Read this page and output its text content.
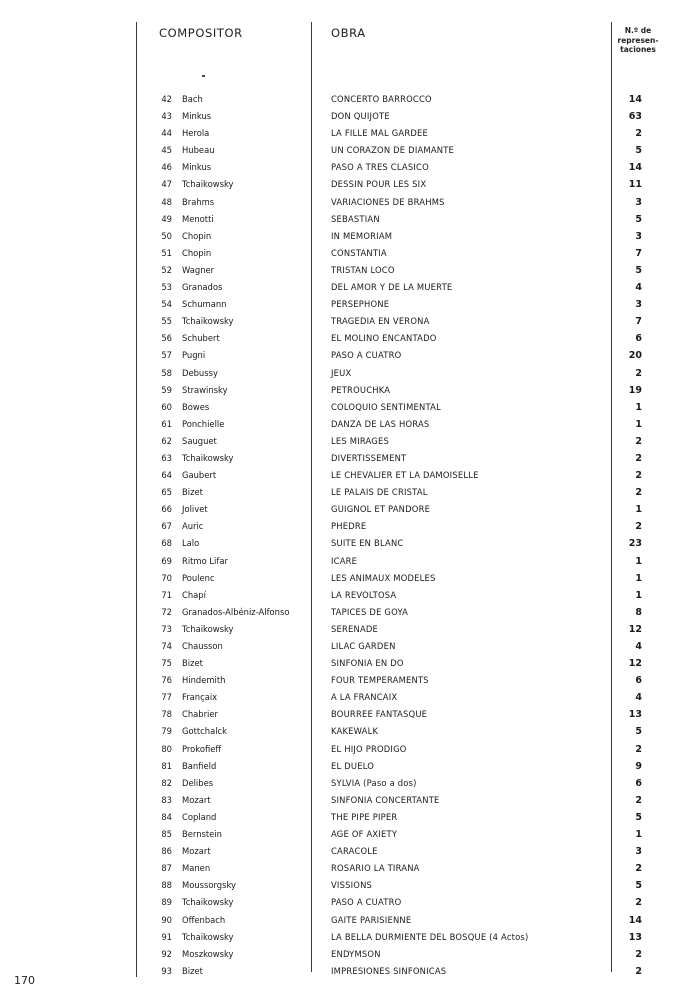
COMPOSITOR	OBRA	N.º de
represen-
taciones
42 Bach	CONCERTO BARROCCO	14
43 Minkus	DON QUIJOTE	63
44 Herola	LA FILLE MAL GARDEE	2
45 Hubeau	UN CORAZON DE DIAMANTE	5
46 Minkus	PASO A TRES CLASICO	14
47 Tchaikowsky	DESSIN POUR LES SIX	11
48 Brahms	VARIACIONES DE BRAHMS	3
49 Menotti	SEBASTIAN	5
50 Chopin	IN MEMORIAM	3
51 Chopin	CONSTANTIA	7
52 Wagner	TRISTAN LOCO	5
53 Granados	DEL AMOR Y DE LA MUERTE	4
54 Schumann	PERSEPHONE	3
55 Tchaikowsky	TRAGEDIA EN VERONA	7
56 Schubert	EL MOLINO ENCANTADO	6
57 Pugni	PASO A CUATRO	20
58 Debussy	JEUX	2
59 Strawinsky	PETROUCHKA	19
60 Bowes	COLOQUIO SENTIMENTAL	1
61 Ponchielle	DANZA DE LAS HORAS	1
62 Sauguet	LES MIRAGES	2
63 Tchaikowsky	DIVERTISSEMENT	2
64 Gaubert	LE CHEVALIER ET LA DAMOISELLE	2
65 Bizet	LE PALAIS DE CRISTAL	2
66 Jolivet	GUIGNOL ET PANDORE	1
67 Auric	PHEDRE	2
68 Lalo	SUITE EN BLANC	23
69 Ritmo Lifar	ICARE	1
70 Poulenc	LES ANIMAUX MODELES	1
71 Chapí	LA REVOLTOSA	1
72 Granados-Albéniz-Alfonso	TAPICES DE GOYA	8
73 Tchaikowsky	SERENADE	12
74 Chausson	LILAC GARDEN	4
75 Bizet	SINFONIA EN DO	12
76 Hindemith	FOUR TEMPERAMENTS	6
77 Françaix	A LA FRANCAIX	4
78 Chabrier	BOURREE FANTASQUE	13
79 Gottchalck	KAKEWALK	5
80 Prokofieff	EL HIJO PRODIGO	2
81 Banfield	EL DUELO	9
82 Delibes	SYLVIA (Paso a dos)	6
83 Mozart	SINFONIA CONCERTANTE	2
84 Copland	THE PIPE PIPER	5
85 Bernstein	AGE OF AXIETY	1
86 Mozart	CARACOLE	3
87 Manen	ROSARIO LA TIRANA	2
88 Moussorgsky	VISSIONS	5
89 Tchaikowsky	PASO A CUATRO	2
90 Offenbach	GAITE PARISIENNE	14
91 Tchaikowsky	LA BELLA DURMIENTE DEL BOSQUE (4 Actos)	13
92 Moszkowsky	ENDYMSON	2
93 Bizet	IMPRESIONES SINFONICAS	2
170
